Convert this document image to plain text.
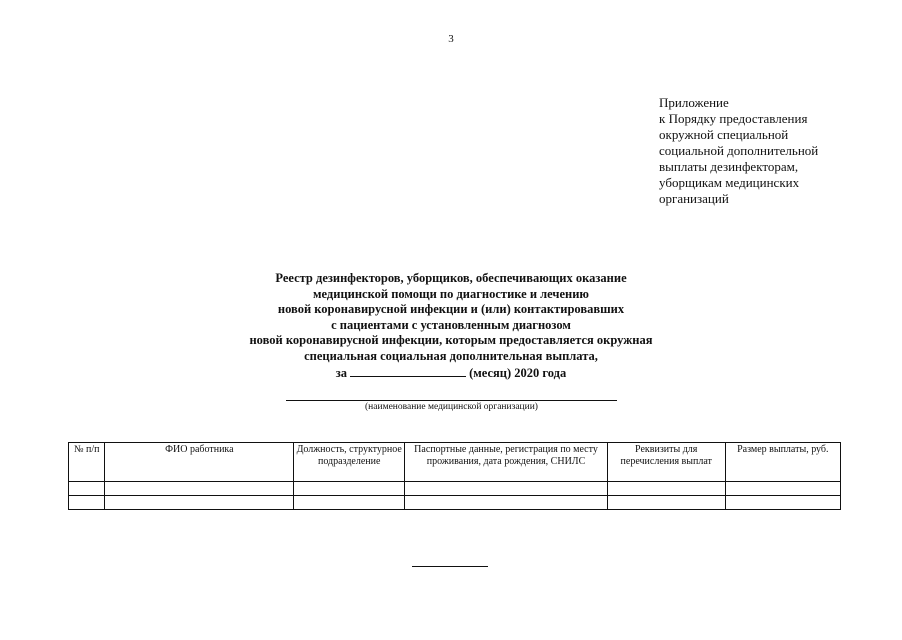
3
Приложение
к Порядку предоставления
окружной специальной
социальной дополнительной
выплаты дезинфекторам,
уборщикам медицинских
организаций
Реестр дезинфекторов, уборщиков, обеспечивающих оказание
медицинской помощи по диагностике и лечению
новой коронавирусной инфекции и (или) контактировавших
с пациентами с установленным диагнозом
новой коронавирусной инфекции, которым предоставляется окружная
специальная социальная дополнительная выплата,
за	(месяц) 2020 года
(наименование медицинской организации)
№ п/п	ФИО работника	Должность, структурное подразделение	Паспортные данные, регистрация по месту проживания, дата рождения, СНИЛС	Реквизиты для перечисления выплат	Размер выплаты, руб.
